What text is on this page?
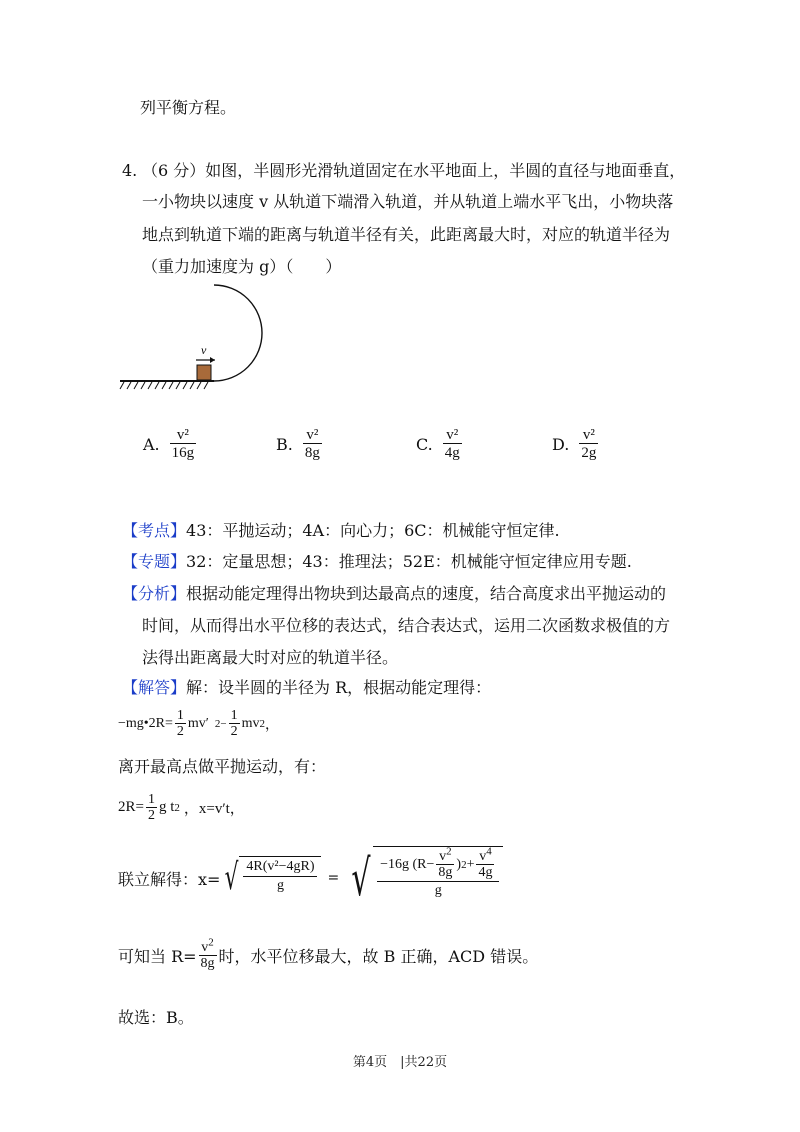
列平衡方程。
4. （6 分）如图，半圆形光滑轨道固定在水平地面上，半圆的直径与地面垂直，
一小物块以速度 v 从轨道下端滑入轨道，并从轨道上端水平飞出，小物块落
地点到轨道下端的距离与轨道半径有关，此距离最大时，对应的轨道半径为
（重力加速度为 g）（　　）
v
A. $\frac{\text{v²}}{16g}$	B. $\frac{\text{v²}}{8g}$	C. $\frac{\text{v²}}{4g}$	D. $\frac{\text{v²}}{2g}$
【考点】43：平抛运动；4A：向心力；6C：机械能守恒定律.
【专题】32：定量思想；43：推理法；52E：机械能守恒定律应用专题.
【分析】根据动能定理得出物块到达最高点的速度，结合高度求出平抛运动的
时间，从而得出水平位移的表达式，结合表达式，运用二次函数求极值的方
法得出距离最大时对应的轨道半径。
【解答】解：设半圆的半径为 R，根据动能定理得：
−mg•2R= $\frac{1}{2} mv'$ $2- \frac{1}{2}$ mv 2 ，
离开最高点做平抛运动，有：
$2R= \frac{1}{2}$ g t 2 ，x=v′t，
联立解得：x= √ 4R(v²−4gR)
g	= √ −16g ($R- \frac{v^2}{8g}$ ) $2 + \frac{v^4}{4g}$
g
可知当 $R= \frac{v^2}{8g}$ 时，水平位移最大，故 B 正确，ACD 错误。
故选：B。
第4页　|共22页
